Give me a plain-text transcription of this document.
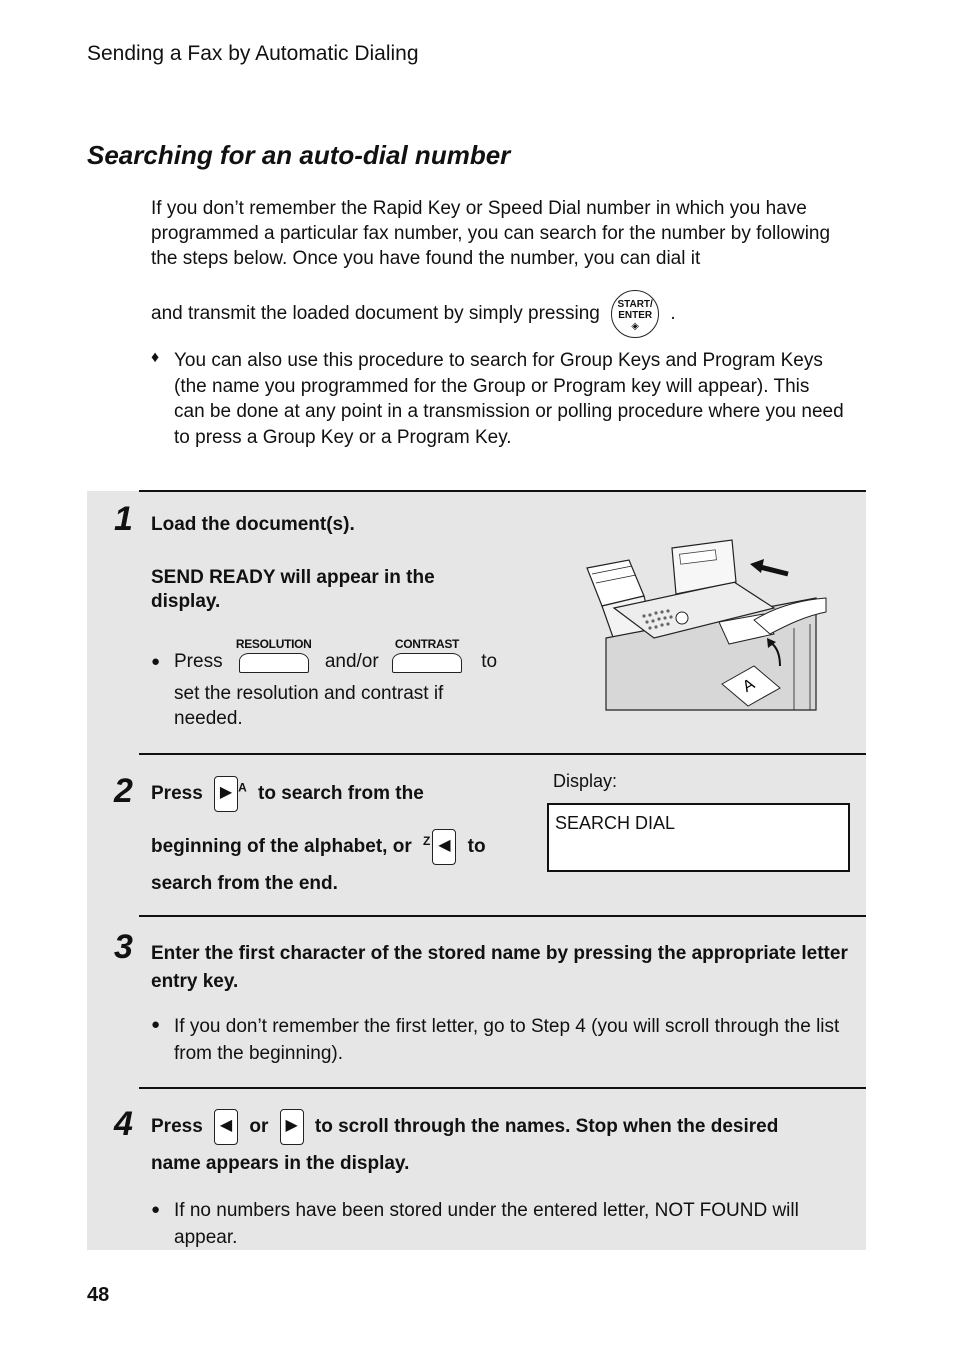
Sending a Fax by Automatic Dialing
Searching for an auto-dial number
If you don’t remember the Rapid Key or Speed Dial number in which you have programmed a particular fax number, you can search for the number by following the steps below. Once you have found the number, you can dial it
and transmit the loaded document by simply pressing START/
ENTER
◈ .
♦ You can also use this procedure to search for Group Keys and Program Keys (the name you programmed for the Group or Program key will appear). This can be done at any point in a transmission or polling procedure where you need to press a Group Key or a Program Key.
1 Load the document(s).
SEND READY will appear in the display.
● Press
RESOLUTION
and/or
CONTRAST
to
set the resolution and contrast if needed.
A
2 Press ▶ $^A$ to search from the
beginning of the alphabet, or $^Z$ ◀ to
search from the end.
Display:
SEARCH DIAL
3 Enter the first character of the stored name by pressing the appropriate letter entry key.
● If you don’t remember the first letter, go to Step 4 (you will scroll through the list from the beginning).
4 Press ◀ or ▶ to scroll through the names. Stop when the desired
name appears in the display.
● If no numbers have been stored under the entered letter, NOT FOUND will appear.
48
